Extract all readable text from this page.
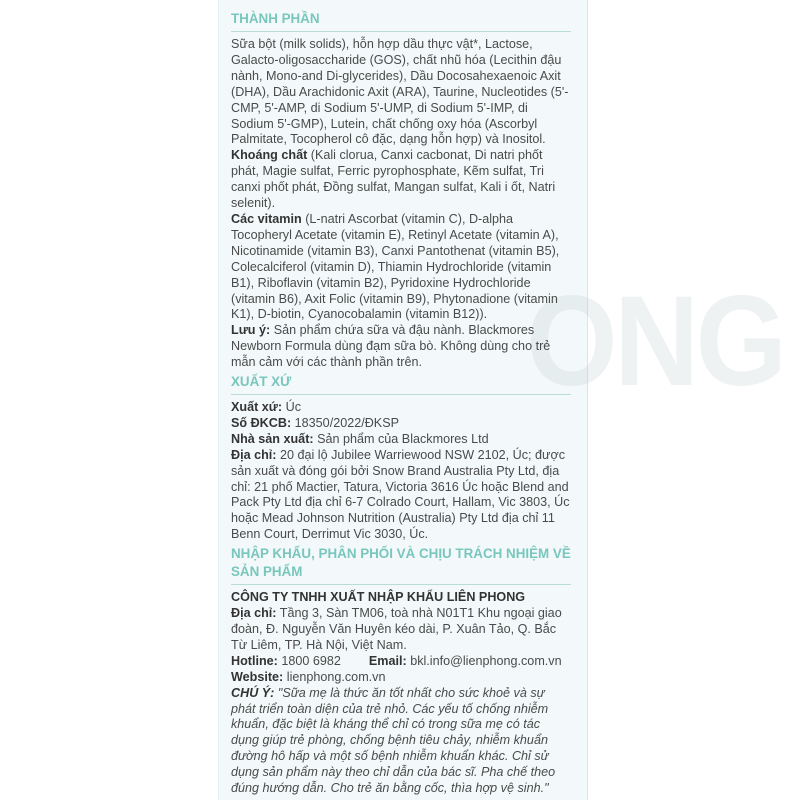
ONG
THÀNH PHẦN

Sữa bột (milk solids), hỗn hợp dầu thực vật*, Lactose, Galacto-oligosaccharide (GOS), chất nhũ hóa (Lecithin đậu nành, Mono-and Di-glycerides), Dầu Docosahexaenoic Axit (DHA), Dầu Arachidonic Axit (ARA), Taurine, Nucleotides (5'-CMP, 5'-AMP, di Sodium 5'-UMP, di Sodium 5'-IMP, di Sodium 5'-GMP), Lutein, chất chống oxy hóa (Ascorbyl Palmitate, Tocopherol cô đặc, dạng hỗn hợp) và Inositol.

Khoáng chất (Kali clorua, Canxi cacbonat, Di natri phốt phát, Magie sulfat, Ferric pyrophosphate, Kẽm sulfat, Tri canxi phốt phát, Đồng sulfat, Mangan sulfat, Kali i ốt, Natri selenit).

Các vitamin (L-natri Ascorbat (vitamin C), D-alpha Tocopheryl Acetate (vitamin E), Retinyl Acetate (vitamin A), Nicotinamide (vitamin B3), Canxi Pantothenat (vitamin B5), Colecalciferol (vitamin D), Thiamin Hydrochloride (vitamin B1), Riboflavin (vitamin B2), Pyridoxine Hydrochloride (vitamin B6), Axit Folic (vitamin B9), Phytonadione (vitamin K1), D-biotin, Cyanocobalamin (vitamin B12)).

Lưu ý: Sản phẩm chứa sữa và đậu nành. Blackmores Newborn Formula dùng đạm sữa bò. Không dùng cho trẻ mẫn cảm với các thành phần trên.

XUẤT XỨ

Xuất xứ: Úc

Số ĐKCB: 18350/2022/ĐKSP

Nhà sản xuất: Sản phẩm của Blackmores Ltd

Địa chỉ: 20 đại lộ Jubilee Warriewood NSW 2102, Úc; được sản xuất và đóng gói bởi Snow Brand Australia Pty Ltd, địa chỉ: 21 phố Mactier, Tatura, Victoria 3616 Úc hoặc Blend and Pack Pty Ltd địa chỉ 6-7 Colrado Court, Hallam, Vic 3803, Úc hoặc Mead Johnson Nutrition (Australia) Pty Ltd địa chỉ 11 Benn Court, Derrimut Vic 3030, Úc.

NHẬP KHẨU, PHÂN PHỐI VÀ CHỊU TRÁCH NHIỆM VỀ SẢN PHẨM

CÔNG TY TNHH XUẤT NHẬP KHẨU LIÊN PHONG

Địa chỉ: Tầng 3, Sàn TM06, toà nhà N01T1 Khu ngoại giao đoàn, Đ. Nguyễn Văn Huyên kéo dài, P. Xuân Tảo, Q. Bắc Từ Liêm, TP. Hà Nội, Việt Nam.

Hotline: 1800 6982 Email: bkl.info@lienphong.com.vn

Website: lienphong.com.vn

CHÚ Ý: "Sữa mẹ là thức ăn tốt nhất cho sức khoẻ và sự phát triển toàn diện của trẻ nhỏ. Các yếu tố chống nhiễm khuẩn, đặc biệt là kháng thể chỉ có trong sữa mẹ có tác dụng giúp trẻ phòng, chống bệnh tiêu chảy, nhiễm khuẩn đường hô hấp và một số bệnh nhiễm khuẩn khác. Chỉ sử dụng sản phẩm này theo chỉ dẫn của bác sĩ. Pha chế theo đúng hướng dẫn. Cho trẻ ăn bằng cốc, thìa hợp vệ sinh."
